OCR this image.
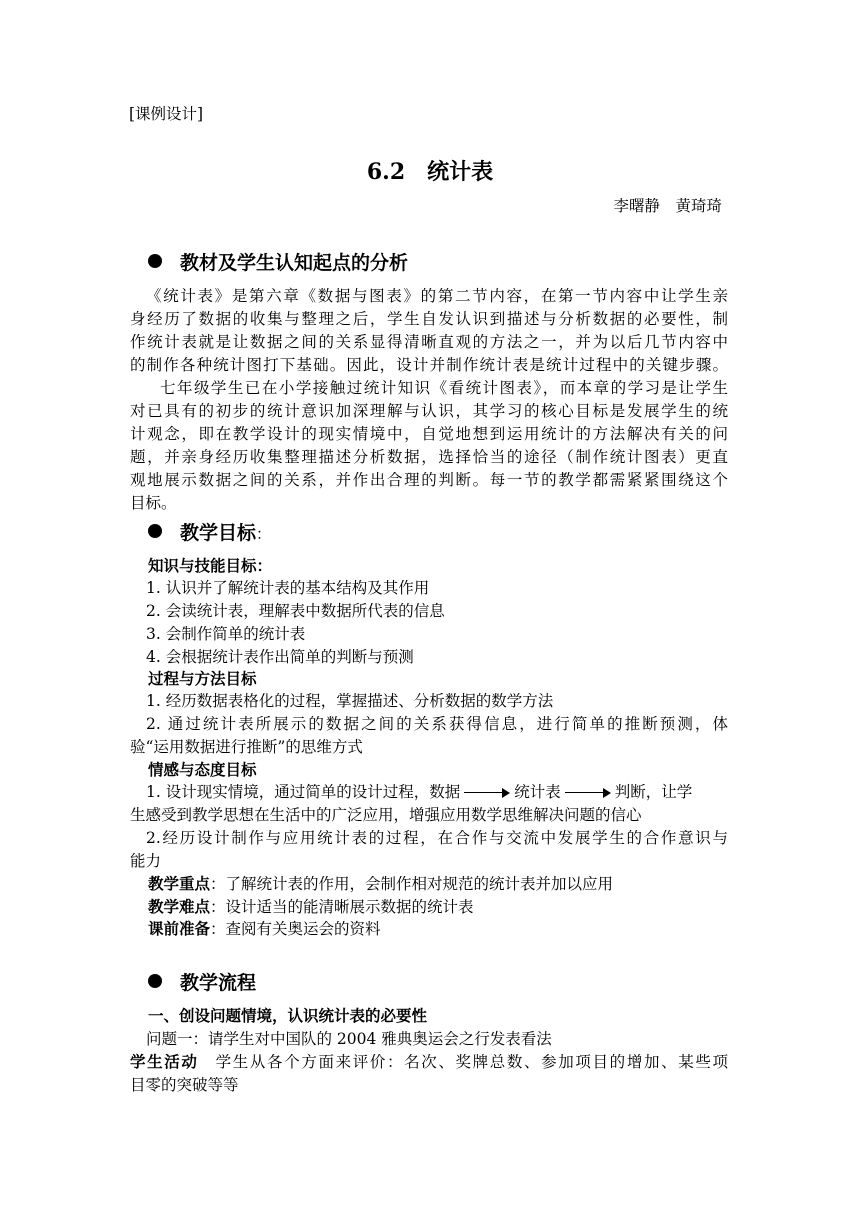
[课例设计]
6.2　统计表
李曙静　黄琦琦
教材及学生认知起点的分析
《统计表》是第六章《数据与图表》的第二节内容，在第一节内容中让学生亲
身经历了数据的收集与整理之后，学生自发认识到描述与分析数据的必要性，制
作统计表就是让数据之间的关系显得清晰直观的方法之一，并为以后几节内容中
的制作各种统计图打下基础。因此，设计并制作统计表是统计过程中的关键步骤。
七年级学生已在小学接触过统计知识《看统计图表》，而本章的学习是让学生
对已具有的初步的统计意识加深理解与认识，其学习的核心目标是发展学生的统
计观念，即在教学设计的现实情境中，自觉地想到运用统计的方法解决有关的问
题，并亲身经历收集整理描述分析数据，选择恰当的途径（制作统计图表）更直
观地展示数据之间的关系，并作出合理的判断。每一节的教学都需紧紧围绕这个
目标。
教学目标：
知识与技能目标：
1. 认识并了解统计表的基本结构及其作用
2. 会读统计表，理解表中数据所代表的信息
3. 会制作简单的统计表
4. 会根据统计表作出简单的判断与预测
过程与方法目标
1. 经历数据表格化的过程，掌握描述、分析数据的数学方法
2. 通过统计表所展示的数据之间的关系获得信息，进行简单的推断预测，体
验“运用数据进行推断”的思维方式
情感与态度目标
1. 设计现实情境，通过简单的设计过程，数据	统计表	判断，让学
生感受到教学思想在生活中的广泛应用，增强应用数学思维解决问题的信心
2.经历设计制作与应用统计表的过程，在合作与交流中发展学生的合作意识与
能力
教学重点：了解统计表的作用，会制作相对规范的统计表并加以应用
教学难点：设计适当的能清晰展示数据的统计表
课前准备：查阅有关奥运会的资料
教学流程
一、创设问题情境，认识统计表的必要性
问题一：请学生对中国队的 2004 雅典奥运会之行发表看法
学生活动　学生从各个方面来评价：名次、奖牌总数、参加项目的增加、某些项
目零的突破等等
